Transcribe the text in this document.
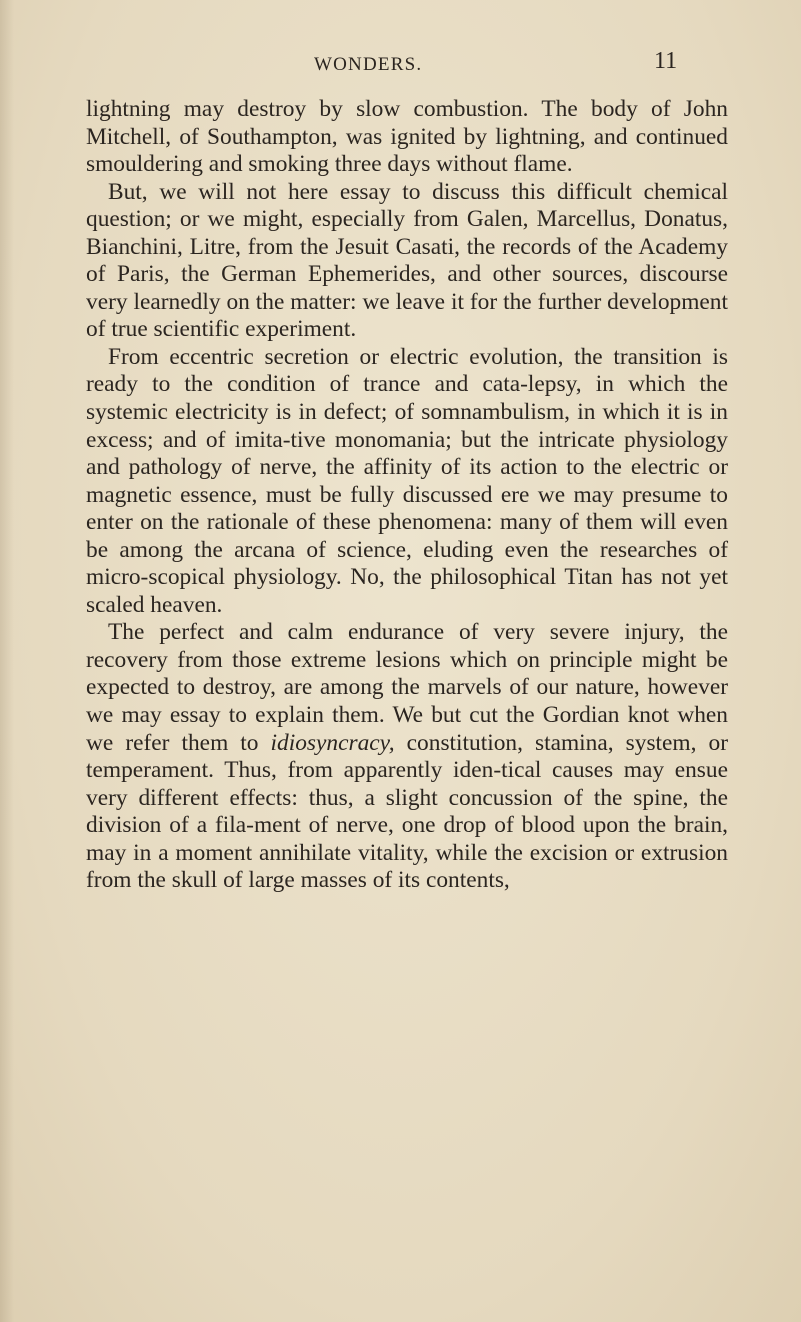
WONDERS.	11

lightning may destroy by slow combustion. The body of John Mitchell, of Southampton, was ignited by lightning, and continued smouldering and smoking three days without flame.

But, we will not here essay to discuss this difficult chemical question; or we might, especially from Galen, Marcellus, Donatus, Bianchini, Litre, from the Jesuit Casati, the records of the Academy of Paris, the German Ephemerides, and other sources, discourse very learnedly on the matter: we leave it for the further development of true scientific experiment.

From eccentric secretion or electric evolution, the transition is ready to the condition of trance and cata-lepsy, in which the systemic electricity is in defect; of somnambulism, in which it is in excess; and of imita-tive monomania; but the intricate physiology and pathology of nerve, the affinity of its action to the electric or magnetic essence, must be fully discussed ere we may presume to enter on the rationale of these phenomena: many of them will even be among the arcana of science, eluding even the researches of micro-scopical physiology. No, the philosophical Titan has not yet scaled heaven.

The perfect and calm endurance of very severe injury, the recovery from those extreme lesions which on principle might be expected to destroy, are among the marvels of our nature, however we may essay to explain them. We but cut the Gordian knot when we refer them to idiosyncracy, constitution, stamina, system, or temperament. Thus, from apparently iden-tical causes may ensue very different effects: thus, a slight concussion of the spine, the division of a fila-ment of nerve, one drop of blood upon the brain, may in a moment annihilate vitality, while the excision or extrusion from the skull of large masses of its contents,
